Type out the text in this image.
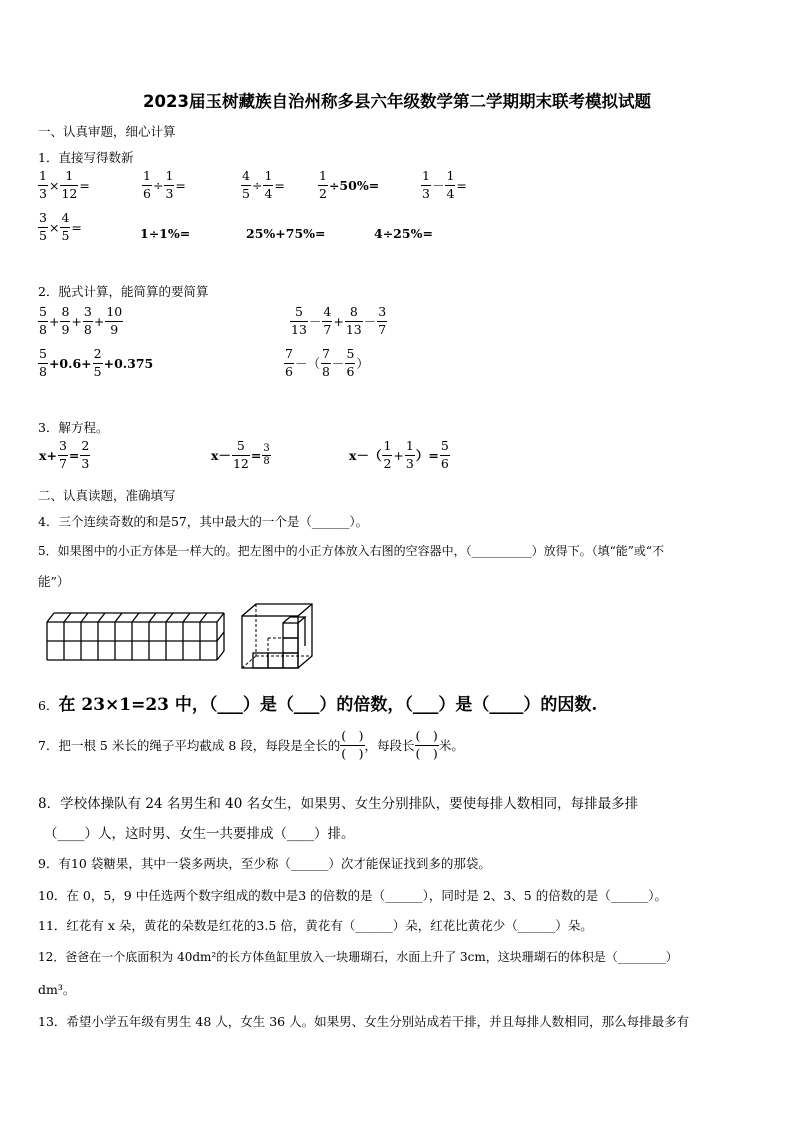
2023届玉树藏族自治州称多县六年级数学第二学期期末联考模拟试题
一、认真审题，细心计算
1．直接写得数新
$\frac{1}{3} \times \frac{1}{12}$ =	$\frac{1}{6} \div \frac{1}{3}$ =	$\frac{4}{5} \div \frac{1}{4}$ =	$\frac{1}{2} \div 50\%=$	$\frac{1}{3} - \frac{1}{4}$ =
$\frac{3}{5} \times \frac{4}{5}$ =	1÷1%=	25%+75%=	4÷25%=
2．脱式计算，能简算的要简算
$\frac{5}{8} + \frac{8}{9} + \frac{3}{8} + \frac{10}{9}$	$\frac{5}{13} - \frac{4}{7} + \frac{8}{13} - \frac{3}{7}$
$\frac{5}{8} +0.6+ \frac{2}{5} +0.375$	$\frac{7}{6}$ －（ $\frac{7}{8} - \frac{5}{6}$ ）
3．解方程。
$x+ \frac{3}{7} = \frac{2}{3}$	$x- \frac{5}{12} = \frac{3}{8}$	$x-( \frac{1}{2} + \frac{1}{3}$ ）= $\frac{5}{6}$
二、认真读题，准确填写
4．三个连续奇数的和是57，其中最大的一个是（______）。
5．如果图中的小正方体是一样大的。把左图中的小正方体放入右图的空容器中，（__________）放得下。（填“能”或“不
能”）
6．在 23×1=23 中，（___）是（___）的倍数，（___）是（____）的因数.
7．把一根 5 米长的绳子平均截成 8 段，每段是全长的 $\frac{( )}{( )}$ ，每段长 $\frac{( )}{( )}$ 米。
8．学校体操队有 24 名男生和 40 名女生，如果男、女生分别排队，要使每排人数相同，每排最多排
（____）人，这时男、女生一共要排成（____）排。
9．有10 袋糖果，其中一袋多两块，至少称（______）次才能保证找到多的那袋。
10．在 0，5，9 中任选两个数字组成的数中是3 的倍数的是（______），同时是 2、3、5 的倍数的是（______）。
11．红花有 x 朵，黄花的朵数是红花的3.5 倍，黄花有（______）朵，红花比黄花少（______）朵。
12．爸爸在一个底面积为 40dm²的长方体鱼缸里放入一块珊瑚石，水面上升了 3cm，这块珊瑚石的体积是（________）
dm³。
13．希望小学五年级有男生 48 人，女生 36 人。如果男、女生分别站成若干排，并且每排人数相同，那么每排最多有
